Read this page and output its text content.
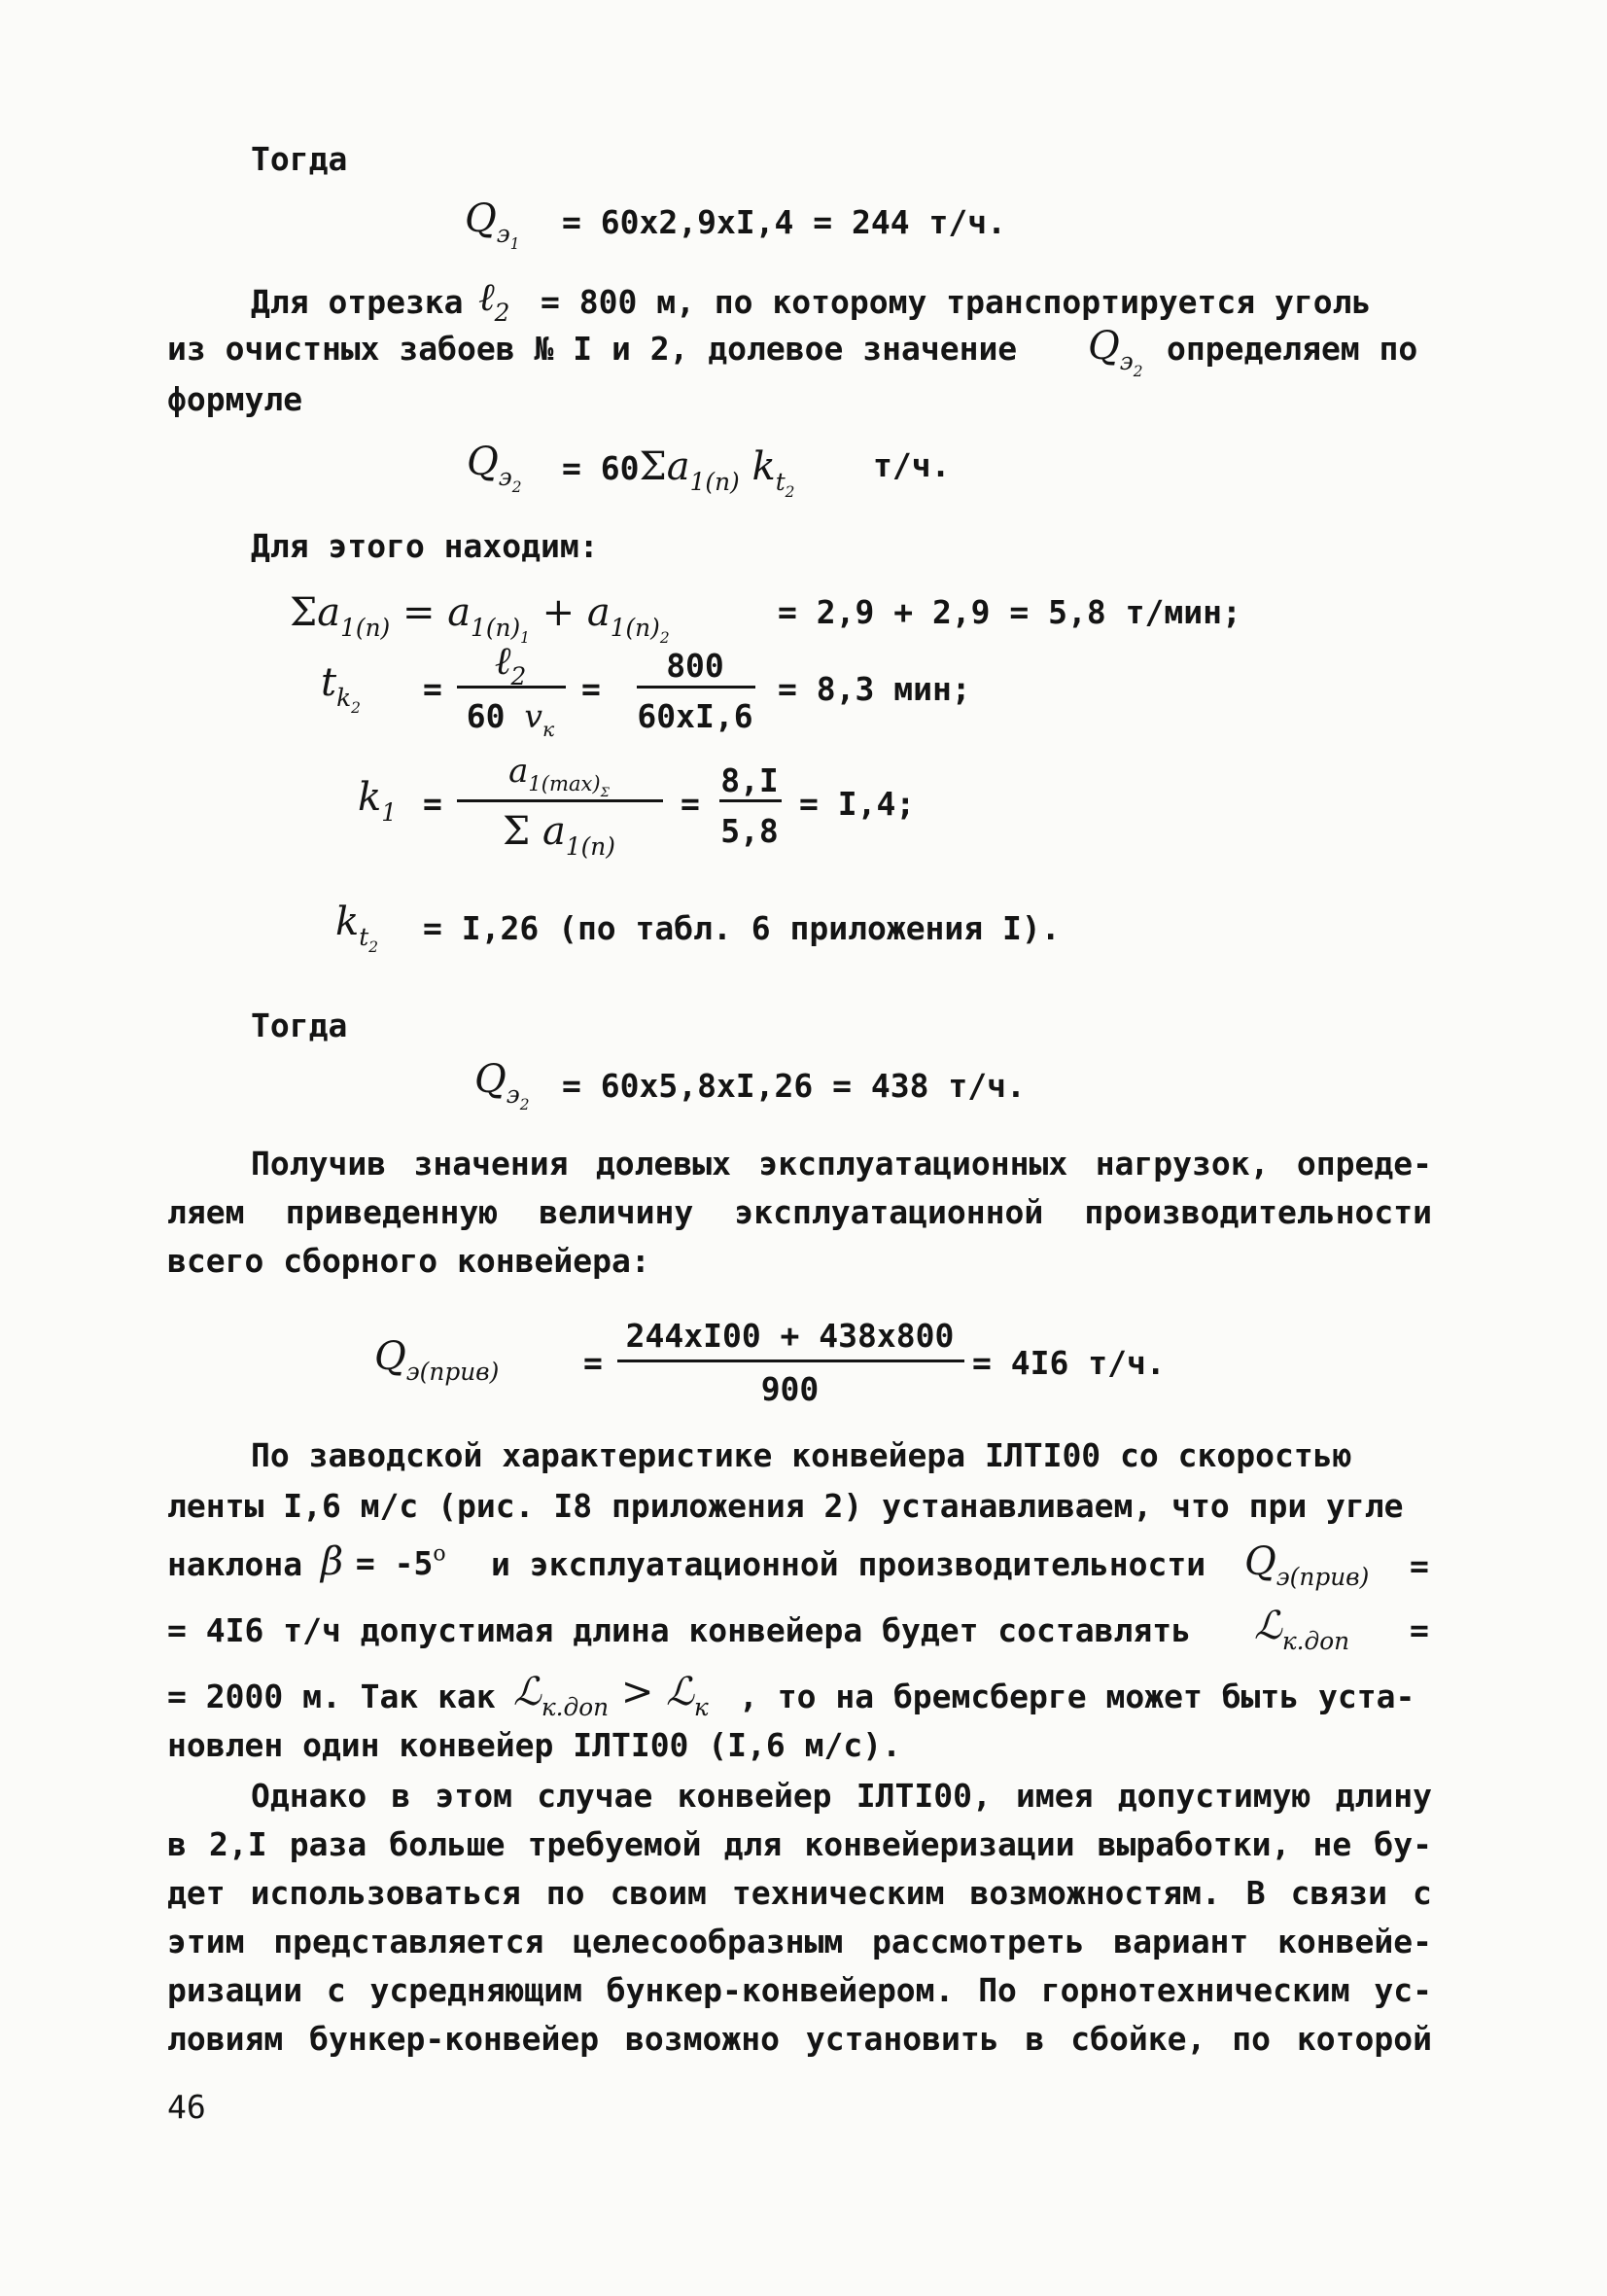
Тогда
$Q_{э_1}$
= 60x2,9xI,4 = 244 т/ч.
Для отрезка ℓ$_2$ = 800 м, по которому транспортируется уголь
из очистных забоев № I и 2, долевое значение $Q_{э_2}$
определяем по
формуле
$Q_{э_2}$
= $60\Sigma a_{1(n)}$ $k_{t_2}$
т/ч.
Для этого находим:
$\Sigma a_{1(n)} = a_{1(n)_1} + a_{1(n)_2}$
= 2,9 + 2,9 = 5,8 т/мин;
$t_{k_2}$
=
ℓ$_2$
60 $v_к$
=
800
60xI,6
= 8,3 мин;
$k_1$ =
$a_{1(max)_\Sigma}$
Σ $a_{1(n)}$
=
8,I
5,8
= I,4;
$k_{t_2}$
= I,26 (по табл. 6 приложения I).
Тогда
$Q_{э_2}$
= 60x5,8xI,26 = 438 т/ч.
Получив значения долевых эксплуатационных нагрузок, опреде-
ляем приведенную величину эксплуатационной производительности
всего сборного конвейера:
$Q_{э(прив)}$	=
244xI00 + 438x800
900
= 4I6 т/ч.
По заводской характеристике конвейера IЛТI00 со скоростью
ленты I,6 м/с (рис. I8 приложения 2) устанавливаем, что при угле
наклона $\beta = -5^o$ и эксплуатационной производительности $Q_{э(прив)}$ =
= 4I6 т/ч допустимая длина конвейера будет составлять ℒ$_{к.доп}$ =
= 2000 м. Так как ℒ$_{к.доп}$ > ℒ$_к$ , то на бремсберге может быть уста-
новлен один конвейер IЛТI00 (I,6 м/с).
Однако в этом случае конвейер IЛТI00, имея допустимую длину
в 2,I раза больше требуемой для конвейеризации выработки, не бу-
дет использоваться по своим техническим возможностям. В связи с
этим представляется целесообразным рассмотреть вариант конвейе-
ризации с усредняющим бункер-конвейером. По горнотехническим ус-
ловиям бункер-конвейер возможно установить в сбойке, по которой
46
